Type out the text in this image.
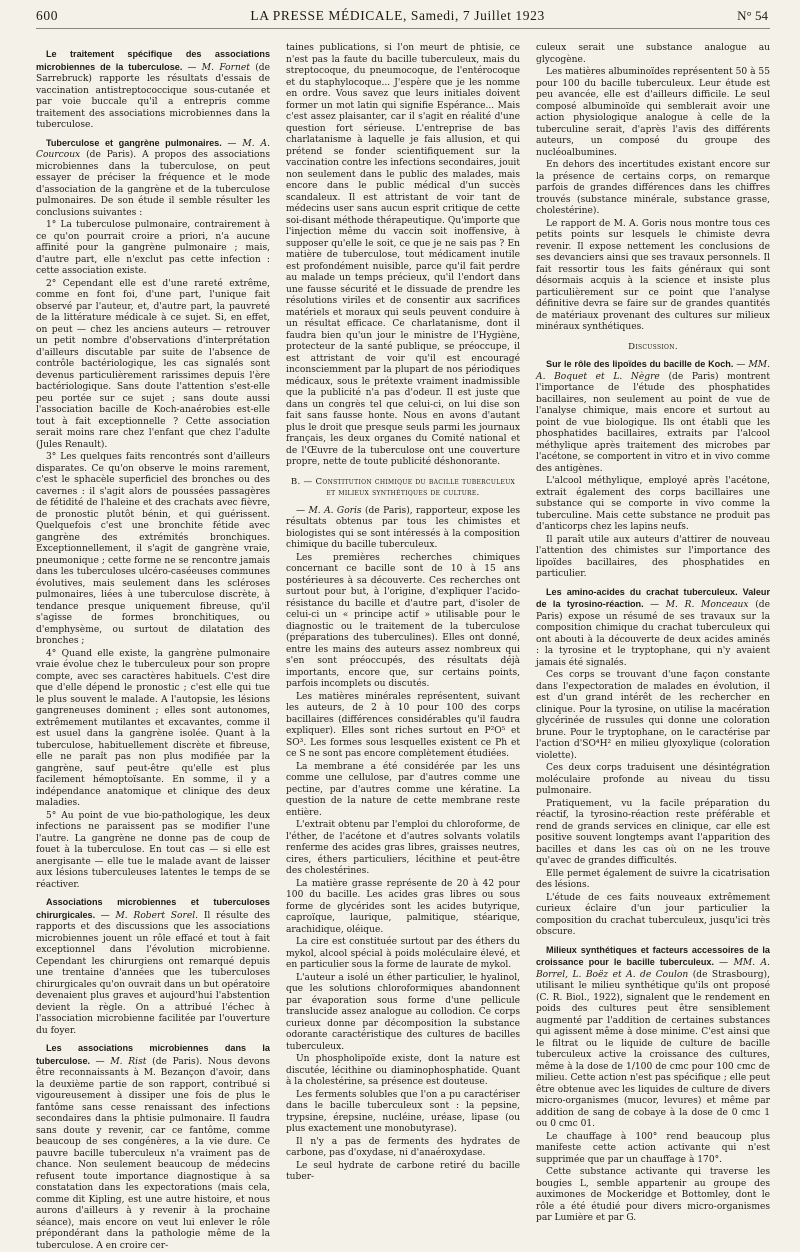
600	LA PRESSE MÉDICALE, Samedi, 7 Juillet 1923	N° 54

Le traitement spécifique des associations microbiennes de la tuberculose. — M. Fornet (de Sarrebruck) rapporte les résultats d'essais de vaccination antistreptococcique sous-cutanée et par voie buccale qu'il a entrepris comme traitement des associations microbiennes dans la tuberculose.

Tuberculose et gangrène pulmonaires. — M. A. Courcoux (de Paris). A propos des associations microbiennes dans la tuberculose, on peut essayer de préciser la fréquence et le mode d'association de la gangrène et de la tuberculose pulmonaires. De son étude il semble résulter les conclusions suivantes :

1° La tuberculose pulmonaire, contrairement à ce qu'on pourrait croire a priori, n'a aucune affinité pour la gangrène pulmonaire ; mais, d'autre part, elle n'exclut pas cette infection : cette association existe.

2° Cependant elle est d'une rareté extrême, comme en font foi, d'une part, l'unique fait observé par l'auteur, et, d'autre part, la pauvreté de la littérature médicale à ce sujet. Si, en effet, on peut — chez les anciens auteurs — retrouver un petit nombre d'observations d'interprétation d'ailleurs discutable par suite de l'absence de contrôle bactériologique, les cas signalés sont devenus particulièrement rarissimes depuis l'ère bactériologique. Sans doute l'attention s'est-elle peu portée sur ce sujet ; sans doute aussi l'association bacille de Koch-anaérobies est-elle tout à fait exceptionnelle ? Cette association serait moins rare chez l'enfant que chez l'adulte (Jules Renault).

3° Les quelques faits rencontrés sont d'ailleurs disparates. Ce qu'on observe le moins rarement, c'est le sphacèle superficiel des bronches ou des cavernes : il s'agit alors de poussées passagères de fétidité de l'haleine et des crachats avec fièvre, de pronostic plutôt bénin, et qui guérissent. Quelquefois c'est une bronchite fétide avec gangrène des extrémités bronchiques. Exceptionnellement, il s'agit de gangrène vraie, pneumonique ; cette forme ne se rencontre jamais dans les tuberculoses ulcéro-caséeuses communes évolutives, mais seulement dans les scléroses pulmonaires, liées à une tuberculose discrète, à tendance presque uniquement fibreuse, qu'il s'agisse de formes bronchitiques, ou d'emphysème, ou surtout de dilatation des bronches ;

4° Quand elle existe, la gangrène pulmonaire vraie évolue chez le tuberculeux pour son propre compte, avec ses caractères habituels. C'est dire que d'elle dépend le pronostic ; c'est elle qui tue le plus souvent le malade. A l'autopsie, les lésions gangreneuses dominent ; elles sont autonomes, extrêmement mutilantes et excavantes, comme il est usuel dans la gangrène isolée. Quant à la tuberculose, habituellement discrète et fibreuse, elle ne paraît pas non plus modifiée par la gangrène, sauf peut-être qu'elle est plus facilement hémoptoïsante. En somme, il y a indépendance anatomique et clinique des deux maladies.

5° Au point de vue bio-pathologique, les deux infections ne paraissent pas se modifier l'une l'autre. La gangrène ne donne pas de coup de fouet à la tuberculose. En tout cas — si elle est anergisante — elle tue le malade avant de laisser aux lésions tuberculeuses latentes le temps de se réactiver.

Associations microbiennes et tuberculoses chirurgicales. — M. Robert Sorel. Il résulte des rapports et des discussions que les associations microbiennes jouent un rôle effacé et tout à fait exceptionnel dans l'évolution microbienne. Cependant les chirurgiens ont remarqué depuis une trentaine d'années que les tuberculoses chirurgicales qu'on ouvrait dans un but opératoire devenaient plus graves et aujourd'hui l'abstention devient la règle. On a attribué l'échec à l'association microbienne facilitée par l'ouverture du foyer.

Les associations microbiennes dans la tuberculose. — M. Rist (de Paris). Nous devons être reconnaissants à M. Bezançon d'avoir, dans la deuxième partie de son rapport, contribué si vigoureusement à dissiper une fois de plus le fantôme sans cesse renaissant des infections secondaires dans la phtisie pulmonaire. Il faudra sans doute y revenir, car ce fantôme, comme beaucoup de ses congénères, a la vie dure. Ce pauvre bacille tuberculeux n'a vraiment pas de chance. Non seulement beaucoup de médecins refusent toute importance diagnostique à sa constatation dans les expectorations (mais cela, comme dit Kipling, est une autre histoire, et nous aurons d'ailleurs à y revenir à la prochaine séance), mais encore on veut lui enlever le rôle prépondérant dans la pathologie même de la tuberculose. A en croire cer-

taines publications, si l'on meurt de phtisie, ce n'est pas la faute du bacille tuberculeux, mais du streptocoque, du pneumocoque, de l'entérocoque et du staphylocoque... J'espère que je les nomme en ordre. Vous savez que leurs initiales doivent former un mot latin qui signifie Espérance... Mais c'est assez plaisanter, car il s'agit en réalité d'une question fort sérieuse. L'entreprise de bas charlatanisme à laquelle je fais allusion, et qui prétend se fonder scientifiquement sur la vaccination contre les infections secondaires, jouit non seulement dans le public des malades, mais encore dans le public médical d'un succès scandaleux. Il est attristant de voir tant de médecins user sans aucun esprit critique de cette soi-disant méthode thérapeutique. Qu'importe que l'injection même du vaccin soit inoffensive, à supposer qu'elle le soit, ce que je ne sais pas ? En matière de tuberculose, tout médicament inutile est profondément nuisible, parce qu'il fait perdre au malade un temps précieux, qu'il l'endort dans une fausse sécurité et le dissuade de prendre les résolutions viriles et de consentir aux sacrifices matériels et moraux qui seuls peuvent conduire à un résultat efficace. Ce charlatanisme, dont il faudra bien qu'un jour le ministre de l'Hygiène, protecteur de la santé publique, se préoccupe, il est attristant de voir qu'il est encouragé inconsciemment par la plupart de nos périodiques médicaux, sous le prétexte vraiment inadmissible que la publicité n'a pas d'odeur. Il est juste que dans un congrès tel que celui-ci, on lui dise son fait sans fausse honte. Nous en avons d'autant plus le droit que presque seuls parmi les journaux français, les deux organes du Comité national et de l'Œuvre de la tuberculose ont une couverture propre, nette de toute publicité déshonorante.

B. — Constitution chimique du bacille tuberculeux et milieux synthétiques de culture.

— M. A. Goris (de Paris), rapporteur, expose les résultats obtenus par tous les chimistes et biologistes qui se sont intéressés à la composition chimique du bacille tuberculeux.

Les premières recherches chimiques concernant ce bacille sont de 10 à 15 ans postérieures à sa découverte. Ces recherches ont surtout pour but, à l'origine, d'expliquer l'acido-résistance du bacille et d'autre part, d'isoler de celui-ci un « principe actif » utilisable pour le diagnostic ou le traitement de la tuberculose (préparations des tuberculines). Elles ont donné, entre les mains des auteurs assez nombreux qui s'en sont préoccupés, des résultats déjà importants, encore que, sur certains points, parfois incomplets ou discutés.

Les matières minérales représentent, suivant les auteurs, de 2 à 10 pour 100 des corps bacillaires (différences considérables qu'il faudra expliquer). Elles sont riches surtout en P²O⁵ et SO³. Les formes sous lesquelles existent ce Ph et ce S ne sont pas encore complètement étudiées.

La membrane a été considérée par les uns comme une cellulose, par d'autres comme une pectine, par d'autres comme une kératine. La question de la nature de cette membrane reste entière.

L'extrait obtenu par l'emploi du chloroforme, de l'éther, de l'acétone et d'autres solvants volatils renferme des acides gras libres, graisses neutres, cires, éthers particuliers, lécithine et peut-être des cholestérines.

La matière grasse représente de 20 à 42 pour 100 du bacille. Les acides gras libres ou sous forme de glycérides sont les acides butyrique, caproïque, laurique, palmitique, stéarique, arachidique, oléique.

La cire est constituée surtout par des éthers du mykol, alcool spécial à poids moléculaire élevé, et en particulier sous la forme de laurate de mykol.

L'auteur a isolé un éther particulier, le hyalinol, que les solutions chloroformiques abandonnent par évaporation sous forme d'une pellicule translucide assez analogue au collodion. Ce corps curieux donne par décomposition la substance odorante caractéristique des cultures de bacilles tuberculeux.

Un phospholipoïde existe, dont la nature est discutée, lécithine ou diaminophosphatide. Quant à la cholestérine, sa présence est douteuse.

Les ferments solubles que l'on a pu caractériser dans le bacille tuberculeux sont : la pepsine, trypsine, érepsine, nucléine, uréase, lipase (ou plus exactement une monobutyrase).

Il n'y a pas de ferments des hydrates de carbone, pas d'oxydase, ni d'anaéroxydase.

Le seul hydrate de carbone retiré du bacille tuber-

culeux serait une substance analogue au glycogène.

Les matières albuminoïdes représentent 50 à 55 pour 100 du bacille tuberculeux. Leur étude est peu avancée, elle est d'ailleurs difficile. Le seul composé albuminoïde qui semblerait avoir une action physiologique analogue à celle de la tuberculine serait, d'après l'avis des différents auteurs, un composé du groupe des nucléoalbumines.

En dehors des incertitudes existant encore sur la présence de certains corps, on remarque parfois de grandes différences dans les chiffres trouvés (substance minérale, substance grasse, cholestérine).

Le rapport de M. A. Goris nous montre tous ces petits points sur lesquels le chimiste devra revenir. Il expose nettement les conclusions de ses devanciers ainsi que ses travaux personnels. Il fait ressortir tous les faits généraux qui sont désormais acquis à la science et insiste plus particulièrement sur ce point que l'analyse définitive devra se faire sur de grandes quantités de matériaux provenant des cultures sur milieux minéraux synthétiques.

Discussion.

Sur le rôle des lipoïdes du bacille de Koch. — MM. A. Boquet et L. Nègre (de Paris) montrent l'importance de l'étude des phosphatides bacillaires, non seulement au point de vue de l'analyse chimique, mais encore et surtout au point de vue biologique. Ils ont établi que les phosphatides bacillaires, extraits par l'alcool méthylique après traitement des microbes par l'acétone, se comportent in vitro et in vivo comme des antigènes.

L'alcool méthylique, employé après l'acétone, extrait également des corps bacillaires une substance qui se comporte in vivo comme la tuberculine. Mais cette substance ne produit pas d'anticorps chez les lapins neufs.

Il paraît utile aux auteurs d'attirer de nouveau l'attention des chimistes sur l'importance des lipoïdes bacillaires, des phosphatides en particulier.

Les amino-acides du crachat tuberculeux. Valeur de la tyrosino-réaction. — M. R. Monceaux (de Paris) expose un résumé de ses travaux sur la composition chimique du crachat tuberculeux qui ont abouti à la découverte de deux acides aminés : la tyrosine et le tryptophane, qui n'y avaient jamais été signalés.

Ces corps se trouvant d'une façon constante dans l'expectoration de malades en évolution, il est d'un grand intérêt de les rechercher en clinique. Pour la tyrosine, on utilise la macération glycérinée de russules qui donne une coloration brune. Pour le tryptophane, on le caractérise par l'action d'SO⁴H² en milieu glyoxylique (coloration violette).

Ces deux corps traduisent une désintégration moléculaire profonde au niveau du tissu pulmonaire.

Pratiquement, vu la facile préparation du réactif, la tyrosino-réaction reste préférable et rend de grands services en clinique, car elle est positive souvent longtemps avant l'apparition des bacilles et dans les cas où on ne les trouve qu'avec de grandes difficultés.

Elle permet également de suivre la cicatrisation des lésions.

L'étude de ces faits nouveaux extrêmement curieux éclaire d'un jour particulier la composition du crachat tuberculeux, jusqu'ici très obscure.

Milieux synthétiques et facteurs accessoires de la croissance pour le bacille tuberculeux. — MM. A. Borrel, L. Boëz et A. de Coulon (de Strasbourg), utilisant le milieu synthétique qu'ils ont proposé (C. R. Biol., 1922), signalent que le rendement en poids des cultures peut être sensiblement augmenté par l'addition de certaines substances qui agissent même à dose minime. C'est ainsi que le filtrat ou le liquide de culture de bacille tuberculeux active la croissance des cultures, même à la dose de 1/100 de cmc pour 100 cmc de milieu. Cette action n'est pas spécifique ; elle peut être obtenue avec les liquides de culture de divers micro-organismes (mucor, levures) et même par addition de sang de cobaye à la dose de 0 cmc 1 ou 0 cmc 01.

Le chauffage à 100° rend beaucoup plus manifeste cette action activante qui n'est supprimée que par un chauffage à 170°.

Cette substance activante qui traverse les bougies L, semble appartenir au groupe des auximones de Mockeridge et Bottomley, dont le rôle a été étudié pour divers micro-organismes par Lumière et par G.
